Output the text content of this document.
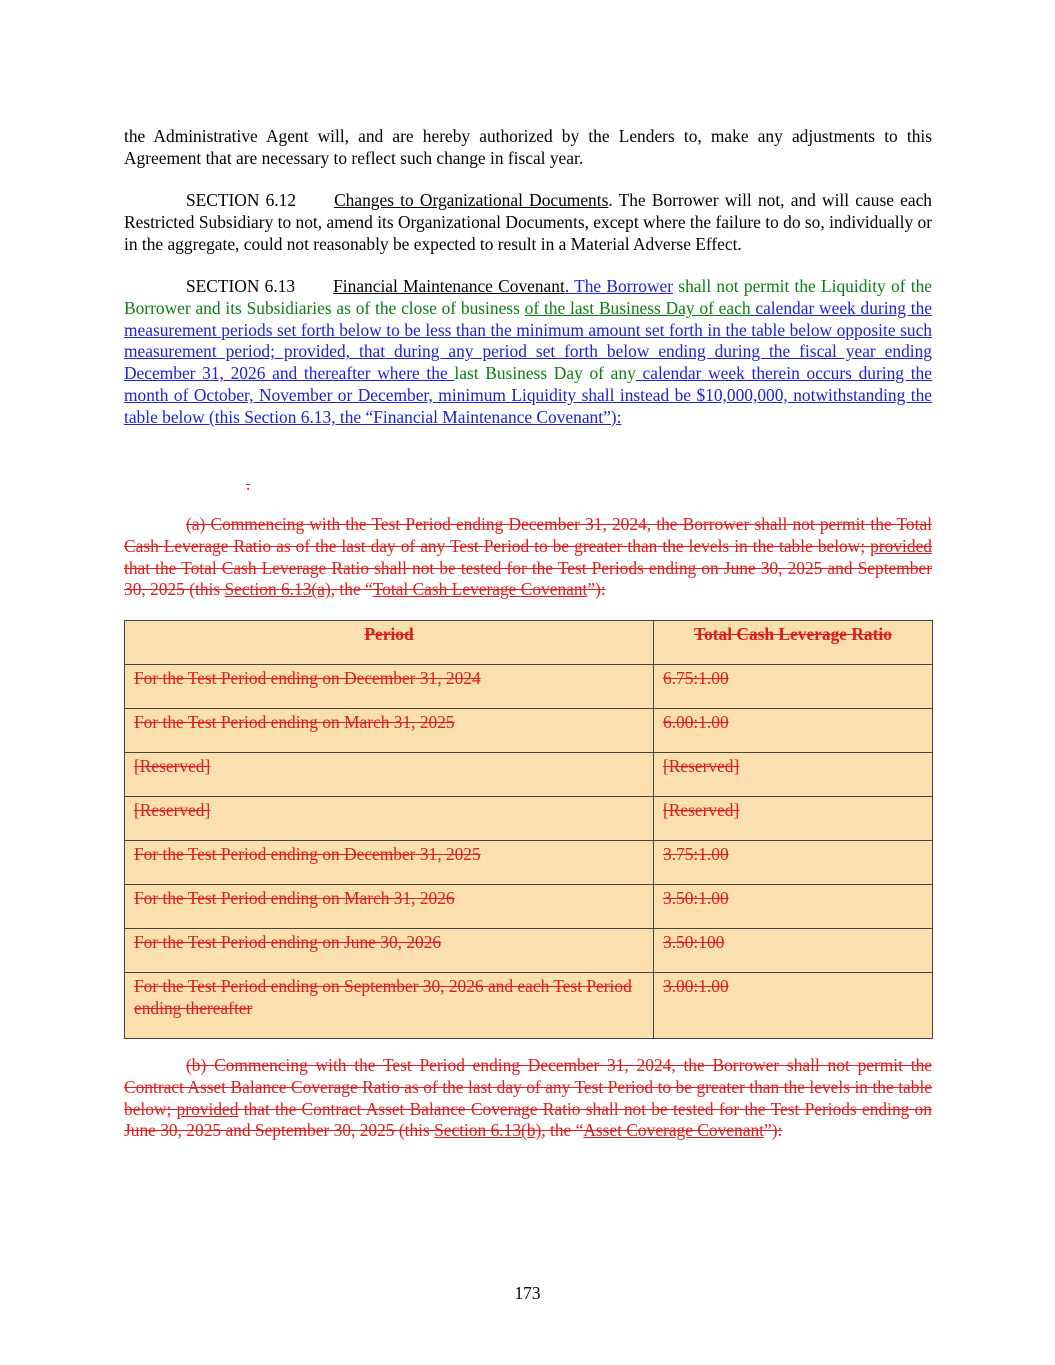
the Administrative Agent will, and are hereby authorized by the Lenders to, make any adjustments to this Agreement that are necessary to reflect such change in fiscal year.

SECTION 6.12 Changes to Organizational Documents. The Borrower will not, and will cause each Restricted Subsidiary to not, amend its Organizational Documents, except where the failure to do so, individually or in the aggregate, could not reasonably be expected to result in a Material Adverse Effect.

SECTION 6.13 Financial Maintenance Covenant. The Borrower shall not permit the Liquidity of the Borrower and its Subsidiaries as of the close of business of the last Business Day of each calendar week during the measurement periods set forth below to be less than the minimum amount set forth in the table below opposite such measurement period; provided, that during any period set forth below ending during the fiscal year ending December 31, 2026 and thereafter where the last Business Day of any calendar week therein occurs during the month of October, November or December, minimum Liquidity shall instead be $10,000,000, notwithstanding the table below (this Section 6.13, the “Financial Maintenance Covenant”):

.

(a) Commencing with the Test Period ending December 31, 2024, the Borrower shall not permit the Total Cash Leverage Ratio as of the last day of any Test Period to be greater than the levels in the table below; provided that the Total Cash Leverage Ratio shall not be tested for the Test Periods ending on June 30, 2025 and September 30, 2025 (this Section 6.13(a), the “Total Cash Leverage Covenant”):

Period	Total Cash Leverage Ratio
For the Test Period ending on December 31, 2024	6.75:1.00
For the Test Period ending on March 31, 2025	6.00:1.00
[Reserved]	[Reserved]
[Reserved]	[Reserved]
For the Test Period ending on December 31, 2025	3.75:1.00
For the Test Period ending on March 31, 2026	3.50:1.00
For the Test Period ending on June 30, 2026	3.50:100
For the Test Period ending on September 30, 2026 and each Test Period ending thereafter	3.00:1.00

(b) Commencing with the Test Period ending December 31, 2024, the Borrower shall not permit the Contract Asset Balance Coverage Ratio as of the last day of any Test Period to be greater than the levels in the table below; provided that the Contract Asset Balance Coverage Ratio shall not be tested for the Test Periods ending on June 30, 2025 and September 30, 2025 (this Section 6.13(b), the “Asset Coverage Covenant”):

173
